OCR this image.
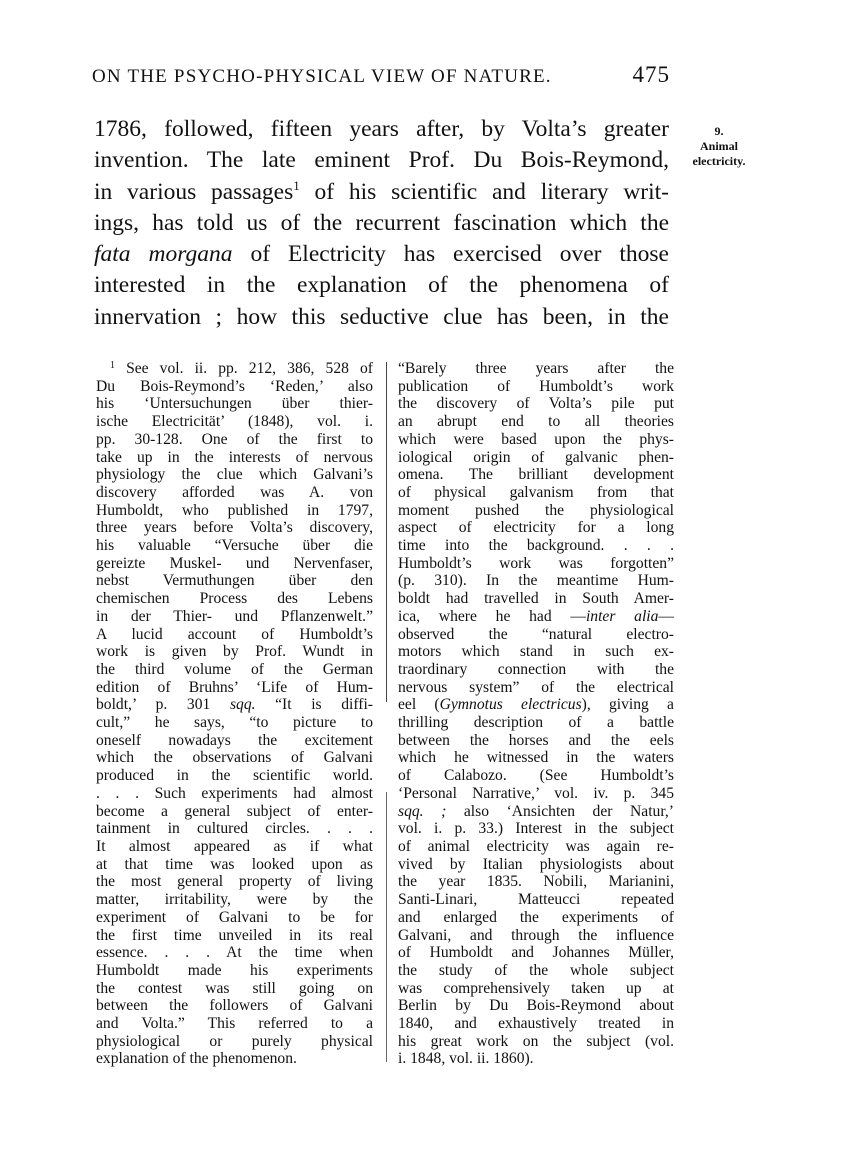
ON THE PSYCHO-PHYSICAL VIEW OF NATURE.	475
9.
Animal
electricity.
1786, followed, fifteen years after, by Volta’s greater
invention. The late eminent Prof. Du Bois-Reymond,
in various passages$^1$ of his scientific and literary writ-
ings, has told us of the recurrent fascination which the
fata morgana of Electricity has exercised over those
interested in the explanation of the phenomena of
innervation ; how this seductive clue has been, in the
$^1$ See vol. ii. pp. 212, 386, 528 of
Du Bois-Reymond’s ‘Reden,’ also
his ‘Untersuchungen über thier-
ische Electricität’ (1848), vol. i.
pp. 30-128. One of the first to
take up in the interests of nervous
physiology the clue which Galvani’s
discovery afforded was A. von
Humboldt, who published in 1797,
three years before Volta’s discovery,
his valuable “Versuche über die
gereizte Muskel- und Nervenfaser,
nebst Vermuthungen über den
chemischen Process des Lebens
in der Thier- und Pflanzenwelt.”
A lucid account of Humboldt’s
work is given by Prof. Wundt in
the third volume of the German
edition of Bruhns’ ‘Life of Hum-
boldt,’ p. 301 sqq. “It is diffi-
cult,” he says, “to picture to
oneself nowadays the excitement
which the observations of Galvani
produced in the scientific world.
. . . Such experiments had almost
become a general subject of enter-
tainment in cultured circles. . . .
It almost appeared as if what
at that time was looked upon as
the most general property of living
matter, irritability, were by the
experiment of Galvani to be for
the first time unveiled in its real
essence. . . . At the time when
Humboldt made his experiments
the contest was still going on
between the followers of Galvani
and Volta.” This referred to a
physiological or purely physical
explanation of the phenomenon.
“Barely three years after the
publication of Humboldt’s work
the discovery of Volta’s pile put
an abrupt end to all theories
which were based upon the phys-
iological origin of galvanic phen-
omena. The brilliant development
of physical galvanism from that
moment pushed the physiological
aspect of electricity for a long
time into the background. . . .
Humboldt’s work was forgotten”
(p. 310). In the meantime Hum-
boldt had travelled in South Amer-
ica, where he had —inter alia—
observed the “natural electro-
motors which stand in such ex-
traordinary connection with the
nervous system” of the electrical
eel (Gymnotus electricus), giving a
thrilling description of a battle
between the horses and the eels
which he witnessed in the waters
of Calabozo. (See Humboldt’s
‘Personal Narrative,’ vol. iv. p. 345
sqq. ; also ‘Ansichten der Natur,’
vol. i. p. 33.) Interest in the subject
of animal electricity was again re-
vived by Italian physiologists about
the year 1835. Nobili, Marianini,
Santi-Linari, Matteucci repeated
and enlarged the experiments of
Galvani, and through the influence
of Humboldt and Johannes Müller,
the study of the whole subject
was comprehensively taken up at
Berlin by Du Bois-Reymond about
1840, and exhaustively treated in
his great work on the subject (vol.
i. 1848, vol. ii. 1860).
